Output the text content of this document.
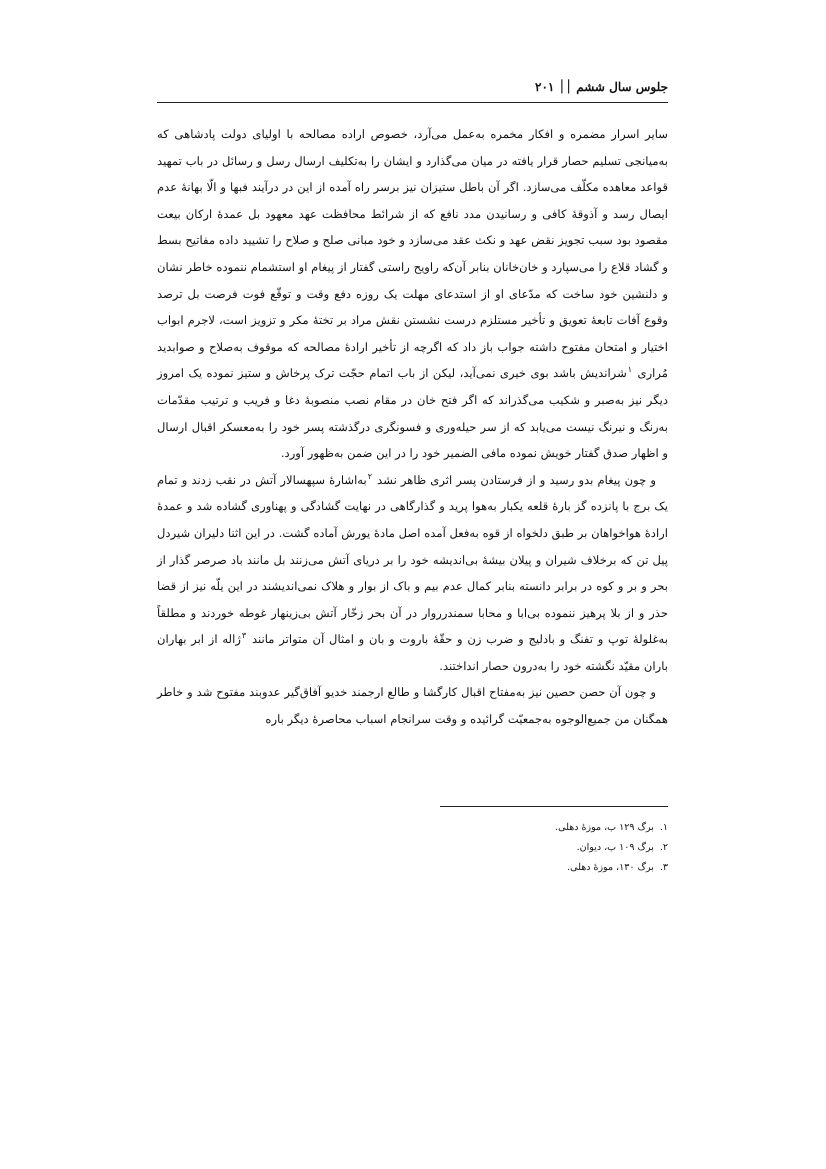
جلوس سال ششم ׀׀ ۲۰۱

سایر اسرار مضمره و افکار مخمره به‌عمل می‌آرد، خصوص اراده مصالحه با اولیای دولت پادشاهی که به‌میانجی تسلیم حصار قرار یافته در میان می‌گذارد و ایشان را به‌تکلیف ارسال رسل و رسائل در باب تمهید قواعد معاهده مکلّف می‌سازد. اگر آن باطل ستیزان نیز برسر راه آمده از این در درآیند فبها و الّا بهانهٔ عدم ایصال رسد و آذوقهٔ کافی و رسانیدن مدد نافع که از شرائط محافظت عهد معهود بل عمدهٔ ارکان بیعت مقصود بود سبب تجویز نقض عهد و نکث عقد می‌سازد و خود مبانی صلح و صلاح را تشیید داده مفاتیح بسط و گشاد قلاع را می‌سپارد و خان‌خانان بنابر آن‌که راویح راستی گفتار از پیغام او استشمام ننموده خاطر نشان و دلنشین خود ساخت که مدّعای او از استدعای مهلت یک روزه دفع وقت و توقّع فوت فرصت بل ترصد وقوع آفات تابعهٔ تعویق و تأخیر مستلزم درست نشستن نقش مراد بر تختهٔ مکر و تزویز است، لاجرم ابواب اختیار و امتحان مفتوح داشته جواب باز داد که اگرچه از تأخیر ارادهٔ مصالحه که موقوف به‌صلاح و صوابدید مُراری $^۱$شراندیش باشد بوی خیری نمی‌آید، لیکن از باب اتمام حجّت ترک پرخاش و ستیز نموده یک امروز دیگر نیز به‌صبر و شکیب می‌گذراند که اگر فتح خان در مقام نصب منصوبهٔ دغا و فریب و ترتیب مقدّمات به‌رنگ و نیرنگ نیست می‌یابد که از سر حیله‌وری و فسونگری درگذشته پسر خود را به‌معسکر اقبال ارسال و اظهار صدق گفتار خویش نموده مافی الضمیر خود را در این ضمن به‌ظهور آورد.

و چون پیغام بدو رسید و از فرستادن پسر اثری ظاهر نشد $^۲$به‌اشارهٔ سپهسالار آتش در نقب زدند و تمام یک برج با پانزده گز بارهٔ قلعه یکبار به‌هوا پرید و گذارگاهی در نهایت گشادگی و پهناوری گشاده شد و عمدهٔ ارادهٔ هواخواهان بر طبق دلخواه از قوه به‌فعل آمده اصل مادهٔ یورش آماده گشت. در این اثنا دلیران شیردل پیل تن که برخلاف شیران و پیلان بیشهٔ بی‌اندیشه خود را بر دریای آتش می‌زنند بل مانند باد صرصر گذار از بحر و بر و کوه در برابر دانسته بنابر کمال عدم بیم و باک از بوار و هلاک نمی‌اندیشند در این یلّه نیز از قضا حذر و از بلا پرهیز ننموده بی‌ابا و محابا سمندرروار در آن بحر زخّار آتش بی‌زینهار غوطه خوردند و مطلقاً به‌غلولهٔ توپ و تفنگ و بادلیج و ضرب زن و حقّهٔ باروت و بان و امثال آن متواتر مانند $^۳$ژاله از ابر بهاران باران مقیّد نگشته خود را به‌درون حصار انداختند.

و چون آن حصن حصین نیز به‌مفتاح اقبال کارگشا و طالع ارجمند خدیو آفاق‌گیر عدوبند مفتوح شد و خاطر همگنان من جمیع‌الوجوه به‌جمعیّت گرائیده و وقت سرانجام اسباب محاصرهٔ دیگر باره

۱.برگ ۱۲۹ ب، موزهٔ دهلی.
۲.برگ ۱۰۹ ب، دیوان.
۳.برگ ۱۳۰، موزهٔ دهلی.
